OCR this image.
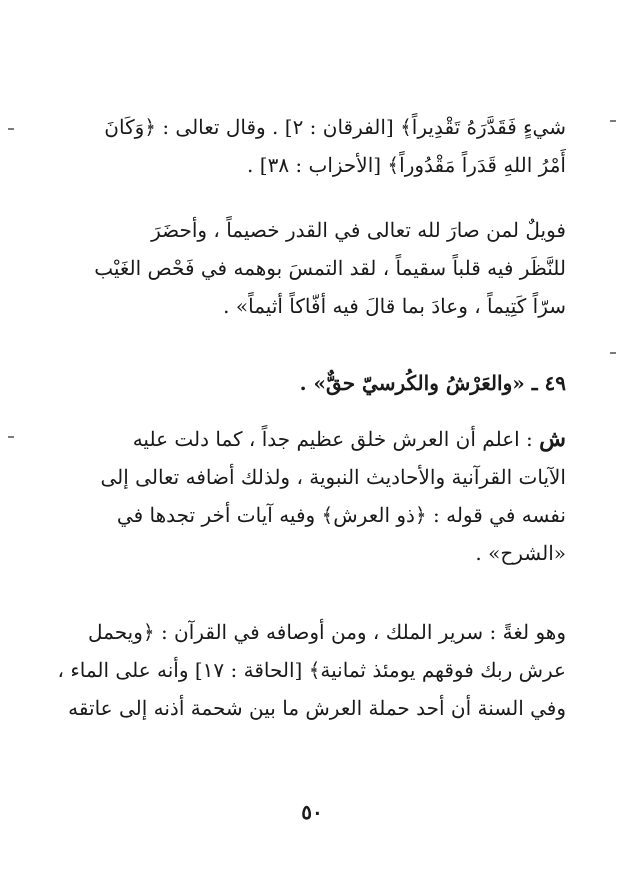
شيءٍ فَقَدَّرَهُ تَقْدِيراً﴾ [الفرقان : ٢] . وقال تعالى : ﴿وَكَانَ
أَمْرُ اللهِ قَدَراً مَقْدُوراً﴾ [الأحزاب : ٣٨] .
فويلٌ لمن صارَ لله تعالى في القدر خصيماً ، وأحضَرَ
للنَّظَر فيه قلباً سقيماً ، لقد التمسَ بوهمه في فَحْص الغَيْب
سرّاً كَتِيماً ، وعادَ بما قالَ فيه أفّاكاً أثيماً» .
٤٩ ـ «والعَرْشُ والكُرسيّ حقٌّ» .
ش : اعلم أن العرش خلق عظيم جداً ، كما دلت عليه
الآيات القرآنية والأحاديث النبوية ، ولذلك أضافه تعالى إلى
نفسه في قوله : ﴿ذو العرش﴾ وفيه آيات أخر تجدها في
«الشرح» .
وهو لغةً : سرير الملك ، ومن أوصافه في القرآن : ﴿ويحمل
عرش ربك فوقهم يومئذ ثمانية﴾ [الحاقة : ١٧] وأنه على الماء ،
وفي السنة أن أحد حملة العرش ما بين شحمة أذنه إلى عاتقه
٥٠
